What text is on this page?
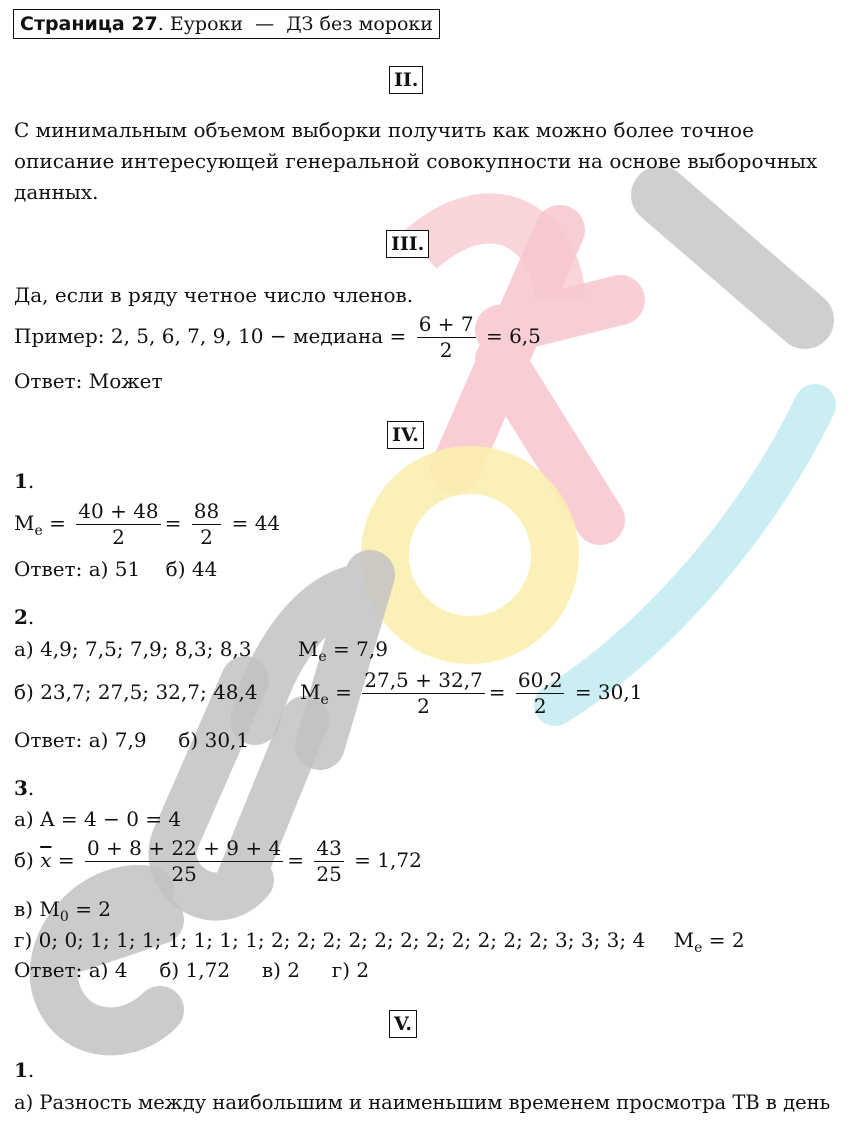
Страница 27. Еуроки  —  ДЗ без мороки
II.
С минимальным объемом выборки получить как можно более точное
описание интересующей генеральной совокупности на основе выборочных
данных.
III.
Да, если в ряду четное число членов.
Пример: 2, 5, 6, 7, 9, 10 − медиана = $\frac{6 + 7}{2} = 6,5$
Ответ: Может
IV.
1.
$M_e = \frac{40 + 48}{2} = \frac{88}{2} = 44$
Ответ: а) 51    б) 44
2.
а) 4,9; 7,5; 7,9; 8,3; 8,3 $M_e = 7,9$
б) 23,7; 27,5; 32,7; 48,4 $M_e = \frac{27,5 + 32,7}{2} = \frac{60,2}{2} = 30,1$
Ответ: а) 7,9     б) 30,1
3.
а) A = 4 − 0 = 4
б) $\overline{x} = \frac{0 + 8 + 22 + 9 + 4}{25} = \frac{43}{25} = 1,72$
в) $M_0 = 2$
г) 0; 0; 1; 1; 1; 1; 1; 1; 1; 2; 2; 2; 2; 2; 2; 2; 2; 2; 2; 2; 3; 3; 3; 4 $M_e = 2$
Ответ: а) 4     б) 1,72     в) 2     г) 2
V.
1.
а) Разность между наибольшим и наименьшим временем просмотра ТВ в день
